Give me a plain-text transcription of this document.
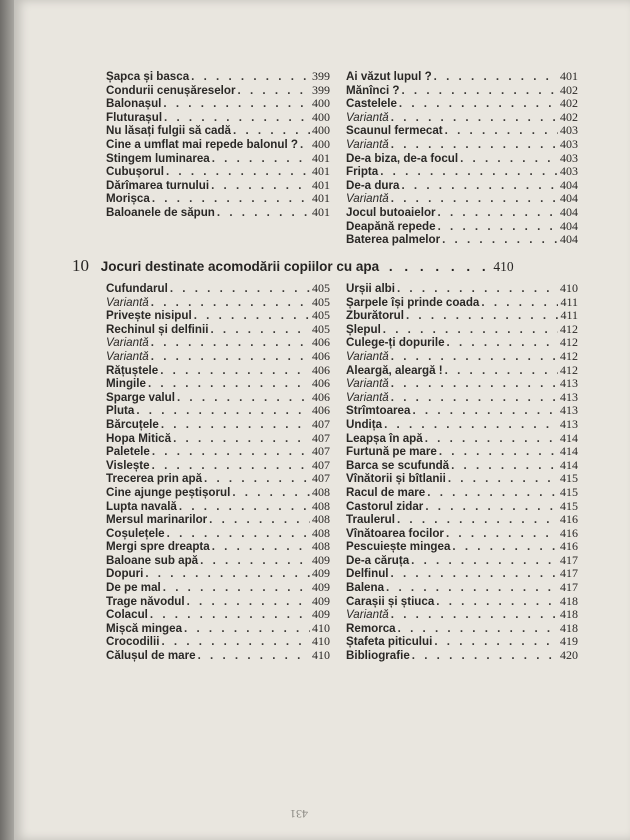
Șapca și basca . . .	399
Condurii cenușăreselor . . .	399
Balonașul . . .	400
Fluturașul . . .	400
Nu lăsați fulgii să cadă . . .	400
Cine a umflat mai repede balonul ? . . . 400
Stingem luminarea . . .	401
Cubușorul . . .	401
Dărîmarea turnului . . .	401
Morișca . . .	401
Baloanele de săpun . . .	401
Ai văzut lupul ? . . .	401
Mănînci ? . . .	402
Castelele . . .	402
Variantă . . .	402
Scaunul fermecat . . .	403
Variantă . . .	403
De-a biza, de-a focul . . .	403
Fripta . . .	403
De-a dura . . .	404
Variantă . . .	404
Jocul butoaielor . . .	404
Deapănă repede . . .	404
Baterea palmelor . . .	404
10 Jocuri destinate acomodării copiilor cu apa . . . . . . . 410
Cufundarul . . .	405
Variantă . . .	405
Privește nisipul . . .	405
Rechinul și delfinii . . .	405
Variantă . . .	406
Variantă . . .	406
Rățuștele . . .	406
Mingile . . .	406
Sparge valul . . .	406
Pluta . . .	406
Bărcuțele . . .	407
Hopa Mitică . . .	407
Paletele . . .	407
Vislește . . .	407
Trecerea prin apă . . .	407
Cine ajunge peștișorul . . .	408
Lupta navală . . .	408
Mersul marinarilor . . .	408
Coșulețele . . .	408
Mergi spre dreapta . . .	408
Baloane sub apă . . .	409
Dopuri . . .	409
De pe mal . . .	409
Trage năvodul . . .	409
Colacul . . .	409
Mișcă mingea . . .	410
Crocodilii . . .	410
Călușul de mare . . .	410
Urșii albi . . .	410
Șarpele își prinde coada . . .	411
Zburătorul . . .	411
Șlepul . . .	412
Culege-ți dopurile . . .	412
Variantă . . .	412
Aleargă, aleargă ! . . .	412
Variantă . . .	413
Variantă . . .	413
Strîmtoarea . . .	413
Undița . . .	413
Leapșa în apă . . .	414
Furtună pe mare . . .	414
Barca se scufundă . . .	414
Vînătorii și bîtlanii . . .	415
Racul de mare . . .	415
Castorul zidar . . .	415
Traulerul . . .	416
Vînătoarea focilor . . .	416
Pescuiește mingea . . .	416
De-a căruța . . .	417
Delfinul . . .	417
Balena . . .	417
Carașii și știuca . . .	418
Variantă . . .	418
Remorca . . .	418
Ștafeta piticului . . .	419
Bibliografie . . .	420
431
